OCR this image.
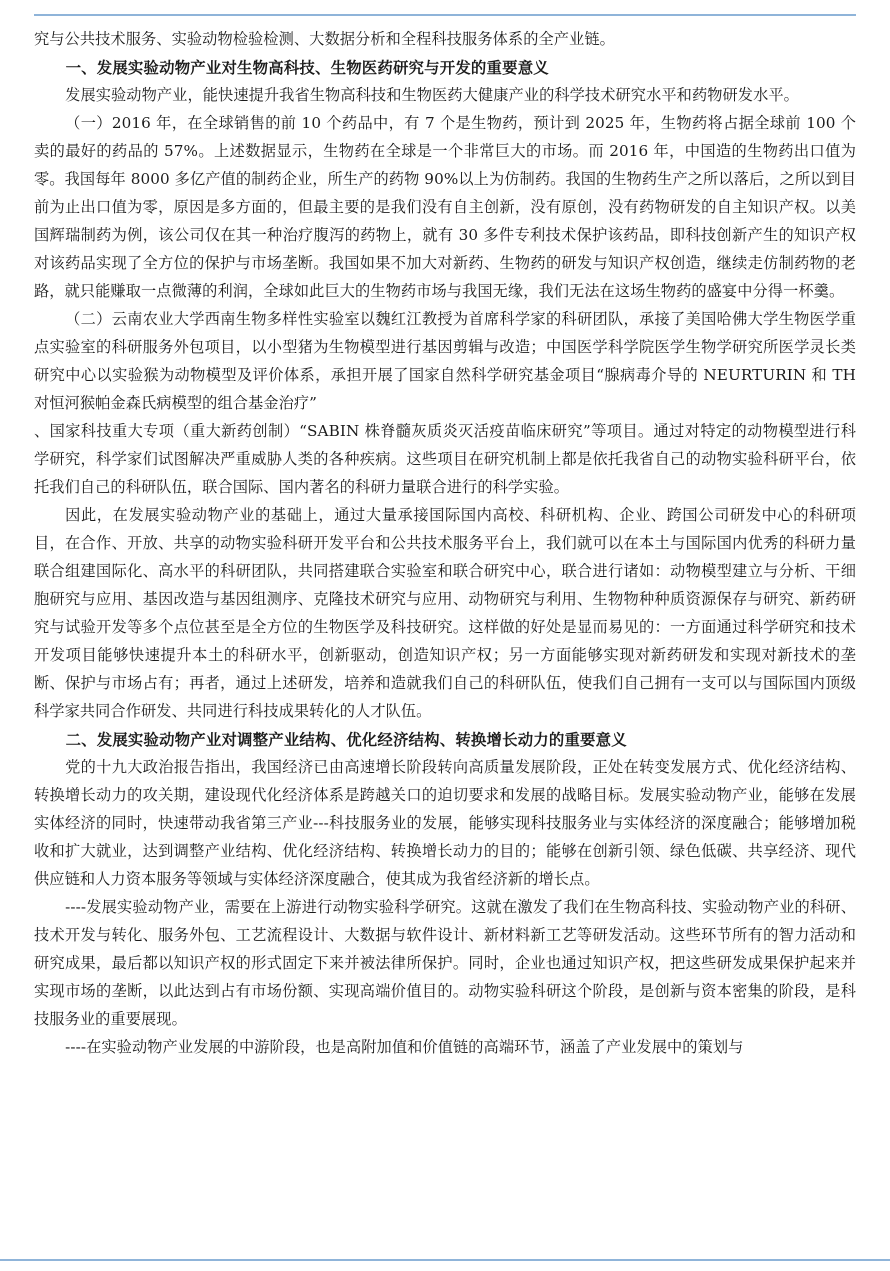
究与公共技术服务、实验动物检验检测、大数据分析和全程科技服务体系的全产业链。

一、发展实验动物产业对生物高科技、生物医药研究与开发的重要意义

发展实验动物产业，能快速提升我省生物高科技和生物医药大健康产业的科学技术研究水平和药物研发水平。

（一）2016 年，在全球销售的前 10 个药品中，有 7 个是生物药，预计到 2025 年，生物药将占据全球前 100 个卖的最好的药品的 57%。上述数据显示，生物药在全球是一个非常巨大的市场。而 2016 年，中国造的生物药出口值为零。我国每年 8000 多亿产值的制药企业，所生产的药物 90%以上为仿制药。我国的生物药生产之所以落后，之所以到目前为止出口值为零，原因是多方面的，但最主要的是我们没有自主创新，没有原创，没有药物研发的自主知识产权。以美国辉瑞制药为例，该公司仅在其一种治疗腹泻的药物上，就有 30 多件专利技术保护该药品，即科技创新产生的知识产权对该药品实现了全方位的保护与市场垄断。我国如果不加大对新药、生物药的研发与知识产权创造，继续走仿制药物的老路，就只能赚取一点微薄的利润，全球如此巨大的生物药市场与我国无缘，我们无法在这场生物药的盛宴中分得一杯羹。

（二）云南农业大学西南生物多样性实验室以魏红江教授为首席科学家的科研团队，承接了美国哈佛大学生物医学重点实验室的科研服务外包项目，以小型猪为生物模型进行基因剪辑与改造；中国医学科学院医学生物学研究所医学灵长类研究中心以实验猴为动物模型及评价体系，承担开展了国家自然科学研究基金项目“腺病毒介导的 NEURTURIN 和 TH 对恒河猴帕金森氏病模型的组合基金治疗”

、国家科技重大专项（重大新药创制）“SABIN 株脊髓灰质炎灭活疫苗临床研究”等项目。通过对特定的动物模型进行科学研究，科学家们试图解决严重威胁人类的各种疾病。这些项目在研究机制上都是依托我省自己的动物实验科研平台，依托我们自己的科研队伍，联合国际、国内著名的科研力量联合进行的科学实验。

因此，在发展实验动物产业的基础上，通过大量承接国际国内高校、科研机构、企业、跨国公司研发中心的科研项目，在合作、开放、共享的动物实验科研开发平台和公共技术服务平台上，我们就可以在本土与国际国内优秀的科研力量联合组建国际化、高水平的科研团队，共同搭建联合实验室和联合研究中心，联合进行诸如：动物模型建立与分析、干细胞研究与应用、基因改造与基因组测序、克隆技术研究与应用、动物研究与利用、生物物种种质资源保存与研究、新药研究与试验开发等多个点位甚至是全方位的生物医学及科技研究。这样做的好处是显而易见的：一方面通过科学研究和技术开发项目能够快速提升本土的科研水平，创新驱动，创造知识产权；另一方面能够实现对新药研发和实现对新技术的垄断、保护与市场占有；再者，通过上述研发，培养和造就我们自己的科研队伍，使我们自己拥有一支可以与国际国内顶级科学家共同合作研发、共同进行科技成果转化的人才队伍。

二、发展实验动物产业对调整产业结构、优化经济结构、转换增长动力的重要意义

党的十九大政治报告指出，我国经济已由高速增长阶段转向高质量发展阶段，正处在转变发展方式、优化经济结构、转换增长动力的攻关期，建设现代化经济体系是跨越关口的迫切要求和发展的战略目标。发展实验动物产业，能够在发展实体经济的同时，快速带动我省第三产业---科技服务业的发展，能够实现科技服务业与实体经济的深度融合；能够增加税收和扩大就业，达到调整产业结构、优化经济结构、转换增长动力的目的；能够在创新引领、绿色低碳、共享经济、现代供应链和人力资本服务等领域与实体经济深度融合，使其成为我省经济新的增长点。

----发展实验动物产业，需要在上游进行动物实验科学研究。这就在激发了我们在生物高科技、实验动物产业的科研、技术开发与转化、服务外包、工艺流程设计、大数据与软件设计、新材料新工艺等研发活动。这些环节所有的智力活动和研究成果，最后都以知识产权的形式固定下来并被法律所保护。同时，企业也通过知识产权，把这些研发成果保护起来并实现市场的垄断，以此达到占有市场份额、实现高端价值目的。动物实验科研这个阶段，是创新与资本密集的阶段，是科技服务业的重要展现。

----在实验动物产业发展的中游阶段，也是高附加值和价值链的高端环节，涵盖了产业发展中的策划与
